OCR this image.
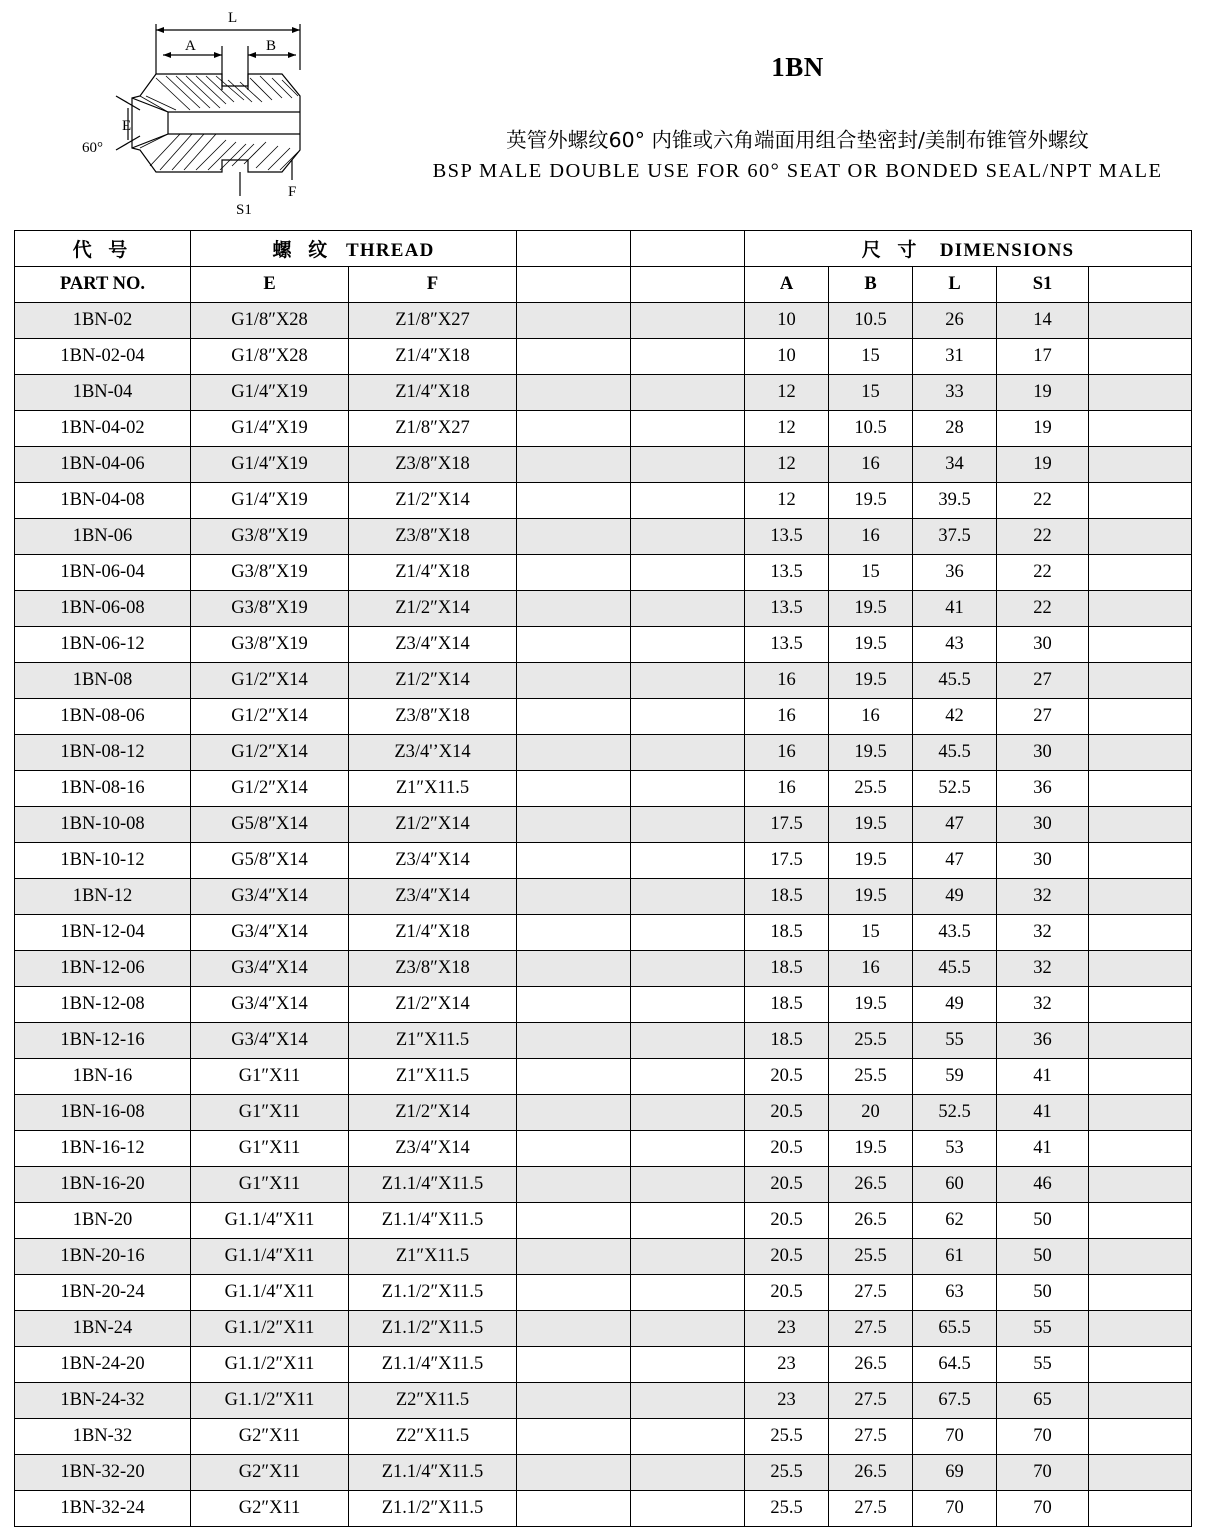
L
A	B
E
F
S1
60°
1BN
英管外螺纹60° 内锥或六角端面用组合垫密封/美制布锥管外螺纹
BSP MALE DOUBLE USE FOR 60° SEAT OR BONDED SEAL/NPT MALE
代 号	螺 纹 THREAD				尺 寸 DIMENSIONS				
PART NO.	E	F			A	B	L	S1	
1BN-02	G1/8″X28	Z1/8″X27			10	10.5	26	14	
1BN-02-04	G1/8″X28	Z1/4″X18			10	15	31	17	
1BN-04	G1/4″X19	Z1/4″X18			12	15	33	19	
1BN-04-02	G1/4″X19	Z1/8″X27			12	10.5	28	19	
1BN-04-06	G1/4″X19	Z3/8″X18			12	16	34	19	
1BN-04-08	G1/4″X19	Z1/2″X14			12	19.5	39.5	22	
1BN-06	G3/8″X19	Z3/8″X18			13.5	16	37.5	22	
1BN-06-04	G3/8″X19	Z1/4″X18			13.5	15	36	22	
1BN-06-08	G3/8″X19	Z1/2″X14			13.5	19.5	41	22	
1BN-06-12	G3/8″X19	Z3/4″X14			13.5	19.5	43	30	
1BN-08	G1/2″X14	Z1/2″X14			16	19.5	45.5	27	
1BN-08-06	G1/2″X14	Z3/8″X18			16	16	42	27	
1BN-08-12	G1/2″X14	Z3/4'’X14			16	19.5	45.5	30	
1BN-08-16	G1/2″X14	Z1″X11.5			16	25.5	52.5	36	
1BN-10-08	G5/8″X14	Z1/2″X14			17.5	19.5	47	30	
1BN-10-12	G5/8″X14	Z3/4″X14			17.5	19.5	47	30	
1BN-12	G3/4″X14	Z3/4″X14			18.5	19.5	49	32	
1BN-12-04	G3/4″X14	Z1/4″X18			18.5	15	43.5	32	
1BN-12-06	G3/4″X14	Z3/8″X18			18.5	16	45.5	32	
1BN-12-08	G3/4″X14	Z1/2″X14			18.5	19.5	49	32	
1BN-12-16	G3/4″X14	Z1″X11.5			18.5	25.5	55	36	
1BN-16	G1″X11	Z1″X11.5			20.5	25.5	59	41	
1BN-16-08	G1″X11	Z1/2″X14			20.5	20	52.5	41	
1BN-16-12	G1″X11	Z3/4″X14			20.5	19.5	53	41	
1BN-16-20	G1″X11	Z1.1/4″X11.5			20.5	26.5	60	46	
1BN-20	G1.1/4″X11	Z1.1/4″X11.5			20.5	26.5	62	50	
1BN-20-16	G1.1/4″X11	Z1″X11.5			20.5	25.5	61	50	
1BN-20-24	G1.1/4″X11	Z1.1/2″X11.5			20.5	27.5	63	50	
1BN-24	G1.1/2″X11	Z1.1/2″X11.5			23	27.5	65.5	55	
1BN-24-20	G1.1/2″X11	Z1.1/4″X11.5			23	26.5	64.5	55	
1BN-24-32	G1.1/2″X11	Z2″X11.5			23	27.5	67.5	65	
1BN-32	G2″X11	Z2″X11.5			25.5	27.5	70	70	
1BN-32-20	G2″X11	Z1.1/4″X11.5			25.5	26.5	69	70	
1BN-32-24	G2″X11	Z1.1/2″X11.5			25.5	27.5	70	70	
